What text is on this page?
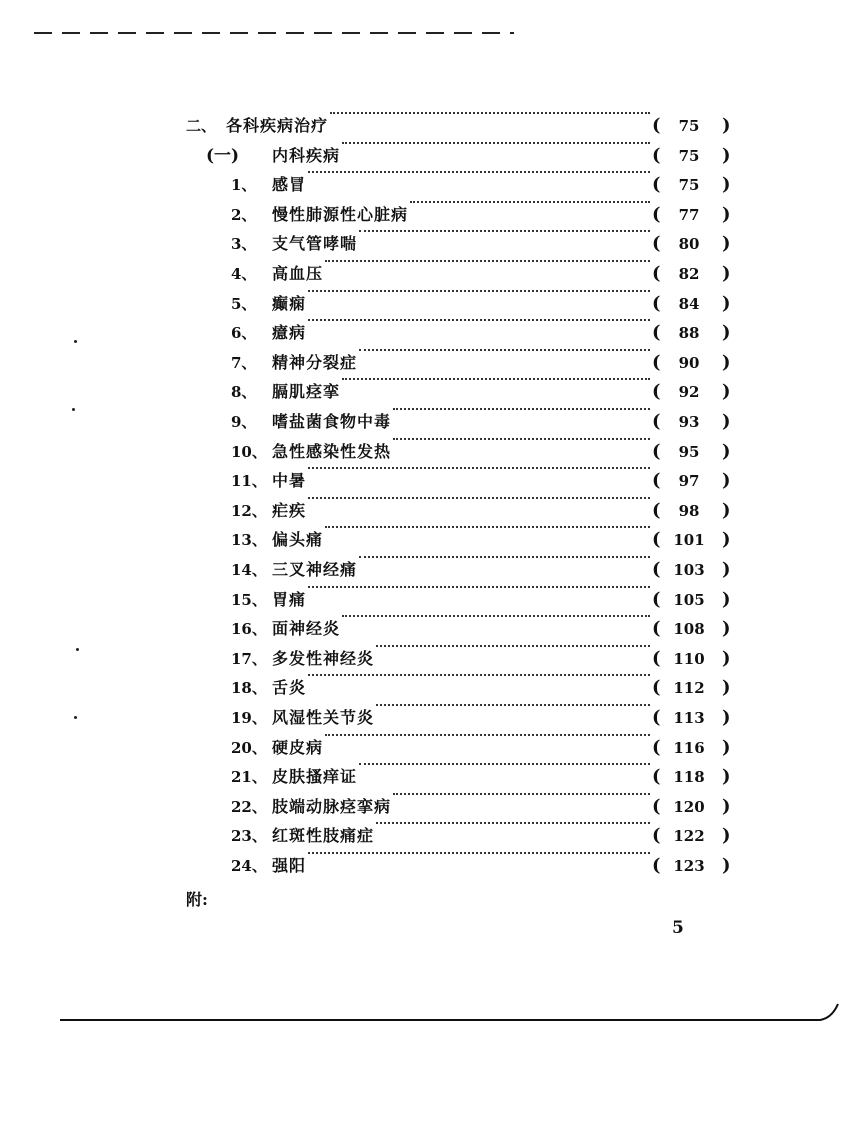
二、 各科疾病治疗	(	75	)
(一)	内科疾病	(	75	)
1、 感冒	(	75	)
2、 慢性肺源性心脏病	(	77	)
3、 支气管哮喘	(	80	)
4、 高血压	(	82	)
5、 癫痫	(	84	)
6、 癔病	(	88	)
7、 精神分裂症	(	90	)
8、 膈肌痉挛	(	92	)
9、 嗜盐菌食物中毒	(	93	)
10、 急性感染性发热	(	95	)
11、 中暑	(	97	)
12、 疟疾	(	98	)
13、 偏头痛	( 101 )
14、 三叉神经痛	( 103 )
15、 胃痛	( 105 )
16、 面神经炎	( 108 )
17、 多发性神经炎	( 110 )
18、 舌炎	( 112 )
19、 风湿性关节炎	( 113 )
20、 硬皮病	( 116 )
21、 皮肤搔痒证	( 118 )
22、 肢端动脉痉挛病	( 120 )
23、 红斑性肢痛症	( 122 )
24、 强阳	( 123 )
附:
5
